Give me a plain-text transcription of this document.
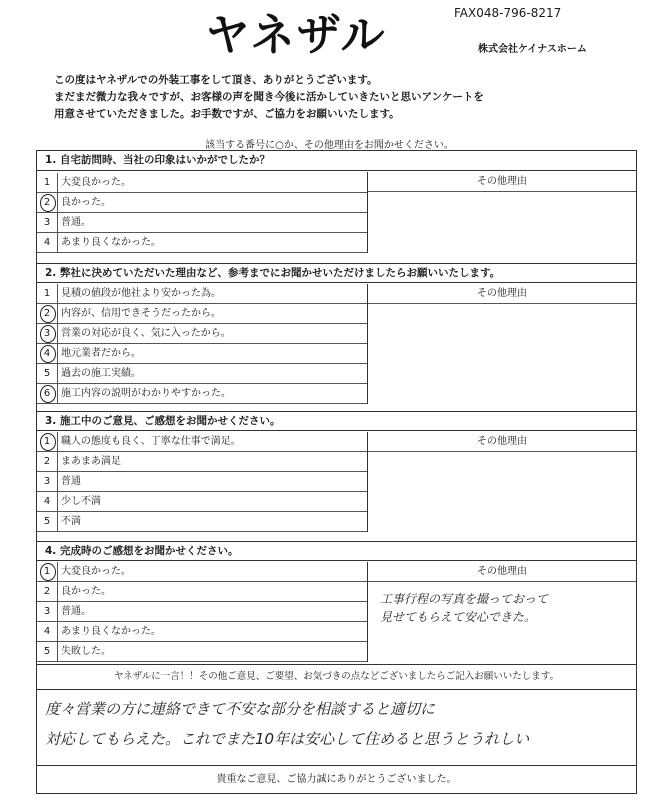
ヤネザル	FAX048-796-8217
株式会社ケイナスホーム
この度はヤネザルでの外装工事をして頂き、ありがとうございます。
まだまだ微力な我々ですが、お客様の声を聞き今後に活かしていきたいと思いアンケートを
用意させていただきました。お手数ですが、ご協力をお願いいたします。
該当する番号に○か、その他理由をお聞かせください。
1. 自宅訪問時、当社の印象はいかがでしたか？
1	大変良かった。
2	良かった。
3	普通。
4	あまり良くなかった。
その他理由
2. 弊社に決めていただいた理由など、参考までにお聞かせいただけましたらお願いいたします。
1	見積の値段が他社より安かった為。
2	内容が、信用できそうだったから。
3	営業の対応が良く、気に入ったから。
4	地元業者だから。
5	過去の施工実績。
6	施工内容の説明がわかりやすかった。
その他理由
3. 施工中のご意見、ご感想をお聞かせください。
1	職人の態度も良く、丁寧な仕事で満足。
2	まあまあ満足
3	普通
4	少し不満
5	不満
その他理由
4. 完成時のご感想をお聞かせください。
1	大変良かった。
2	良かった。
3	普通。
4	あまり良くなかった。
5	失敗した。
その他理由
工事行程の写真を撮っておって
見せてもらえて安心できた。
ヤネザルに一言！！その他ご意見、ご要望、お気づきの点などございましたらご記入お願いいたします。
度々営業の方に連絡できて不安な部分を相談すると適切に
対応してもらえた。これでまた10年は安心して住めると思うとうれしい
貴重なご意見、ご協力誠にありがとうございました。
